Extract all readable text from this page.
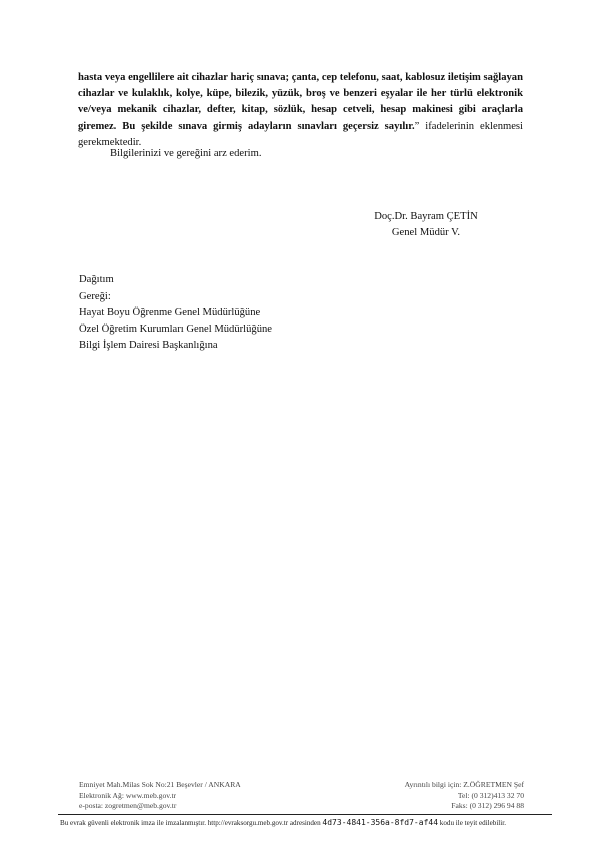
hasta veya engellilere ait cihazlar hariç sınava; çanta, cep telefonu, saat, kablosuz iletişim sağlayan cihazlar ve kulaklık, kolye, küpe, bilezik, yüzük, broş ve benzeri eşyalar ile her türlü elektronik ve/veya mekanik cihazlar, defter, kitap, sözlük, hesap cetveli, hesap makinesi gibi araçlarla giremez. Bu şekilde sınava girmiş adayların sınavları geçersiz sayılır.” ifadelerinin eklenmesi gerekmektedir.

Bilgilerinizi ve gereğini arz ederim.

Doç.Dr. Bayram ÇETİN
Genel Müdür V.
Dağıtım
Gereği:
Hayat Boyu Öğrenme Genel Müdürlüğüne
Özel Öğretim Kurumları Genel Müdürlüğüne
Bilgi İşlem Dairesi Başkanlığına
Emniyet Mah.Milas Sok No:21 Beşevler / ANKARA
Elektronik Ağ: www.meb.gov.tr
e-posta: zogretmen@meb.gov.tr
Ayrıntılı bilgi için: Z.ÖĞRETMEN Şef
Tel: (0 312)413 32 70
Faks: (0 312) 296 94 88
Bu evrak güvenli elektronik imza ile imzalanmıştır. http://evraksorgu.meb.gov.tr adresinden 4d73-4841-356a-8fd7-af44 kodu ile teyit edilebilir.
